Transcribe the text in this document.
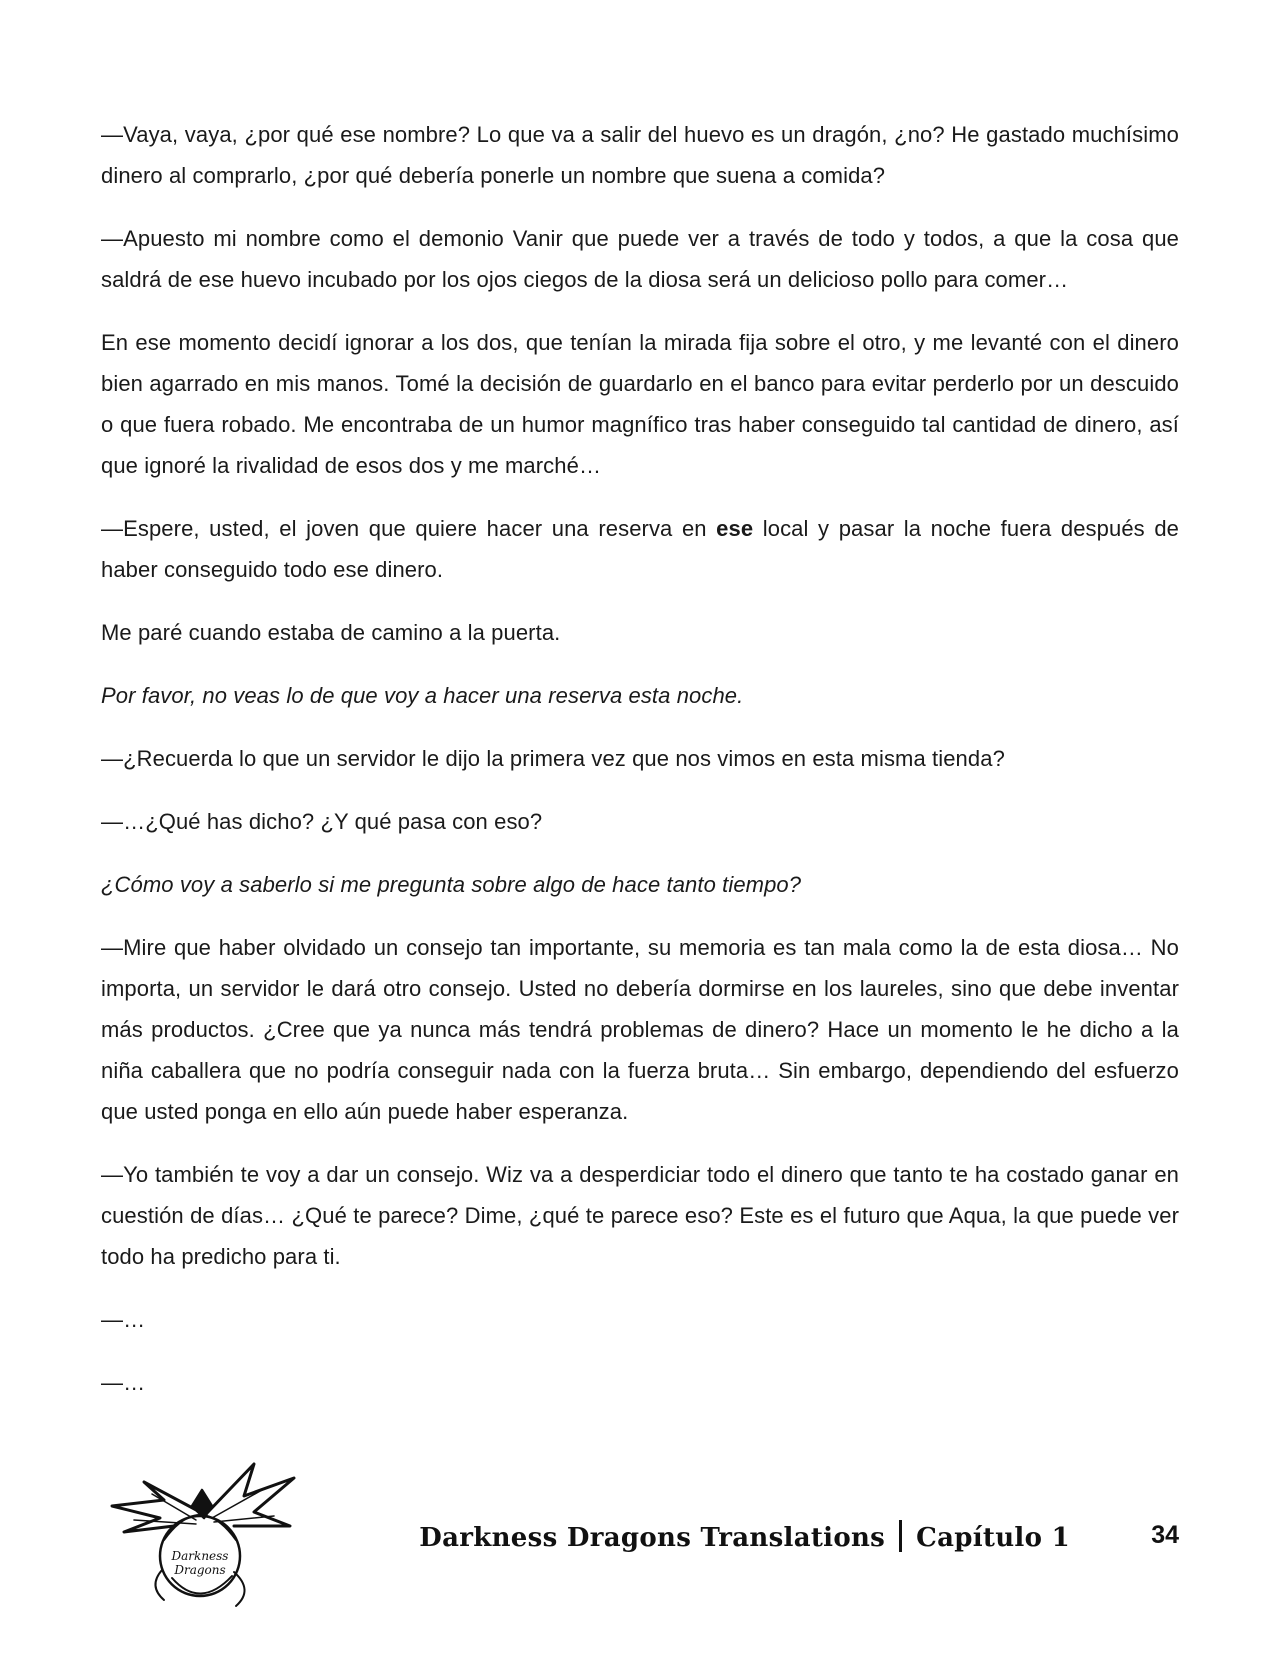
—Vaya, vaya, ¿por qué ese nombre? Lo que va a salir del huevo es un dragón, ¿no? He gastado muchísimo dinero al comprarlo, ¿por qué debería ponerle un nombre que suena a comida?

—Apuesto mi nombre como el demonio Vanir que puede ver a través de todo y todos, a que la cosa que saldrá de ese huevo incubado por los ojos ciegos de la diosa será un delicioso pollo para comer…

En ese momento decidí ignorar a los dos, que tenían la mirada fija sobre el otro, y me levanté con el dinero bien agarrado en mis manos. Tomé la decisión de guardarlo en el banco para evitar perderlo por un descuido o que fuera robado. Me encontraba de un humor magnífico tras haber conseguido tal cantidad de dinero, así que ignoré la rivalidad de esos dos y me marché…

—Espere, usted, el joven que quiere hacer una reserva en ese local y pasar la noche fuera después de haber conseguido todo ese dinero.

Me paré cuando estaba de camino a la puerta.

Por favor, no veas lo de que voy a hacer una reserva esta noche.

—¿Recuerda lo que un servidor le dijo la primera vez que nos vimos en esta misma tienda?

—…¿Qué has dicho? ¿Y qué pasa con eso?

¿Cómo voy a saberlo si me pregunta sobre algo de hace tanto tiempo?

—Mire que haber olvidado un consejo tan importante, su memoria es tan mala como la de esta diosa… No importa, un servidor le dará otro consejo. Usted no debería dormirse en los laureles, sino que debe inventar más productos. ¿Cree que ya nunca más tendrá problemas de dinero? Hace un momento le he dicho a la niña caballera que no podría conseguir nada con la fuerza bruta… Sin embargo, dependiendo del esfuerzo que usted ponga en ello aún puede haber esperanza.

—Yo también te voy a dar un consejo. Wiz va a desperdiciar todo el dinero que tanto te ha costado ganar en cuestión de días… ¿Qué te parece? Dime, ¿qué te parece eso? Este es el futuro que Aqua, la que puede ver todo ha predicho para ti.

—…

—…

Darkness
Dragons
Darkness Dragons Translations Capítulo 1	34
